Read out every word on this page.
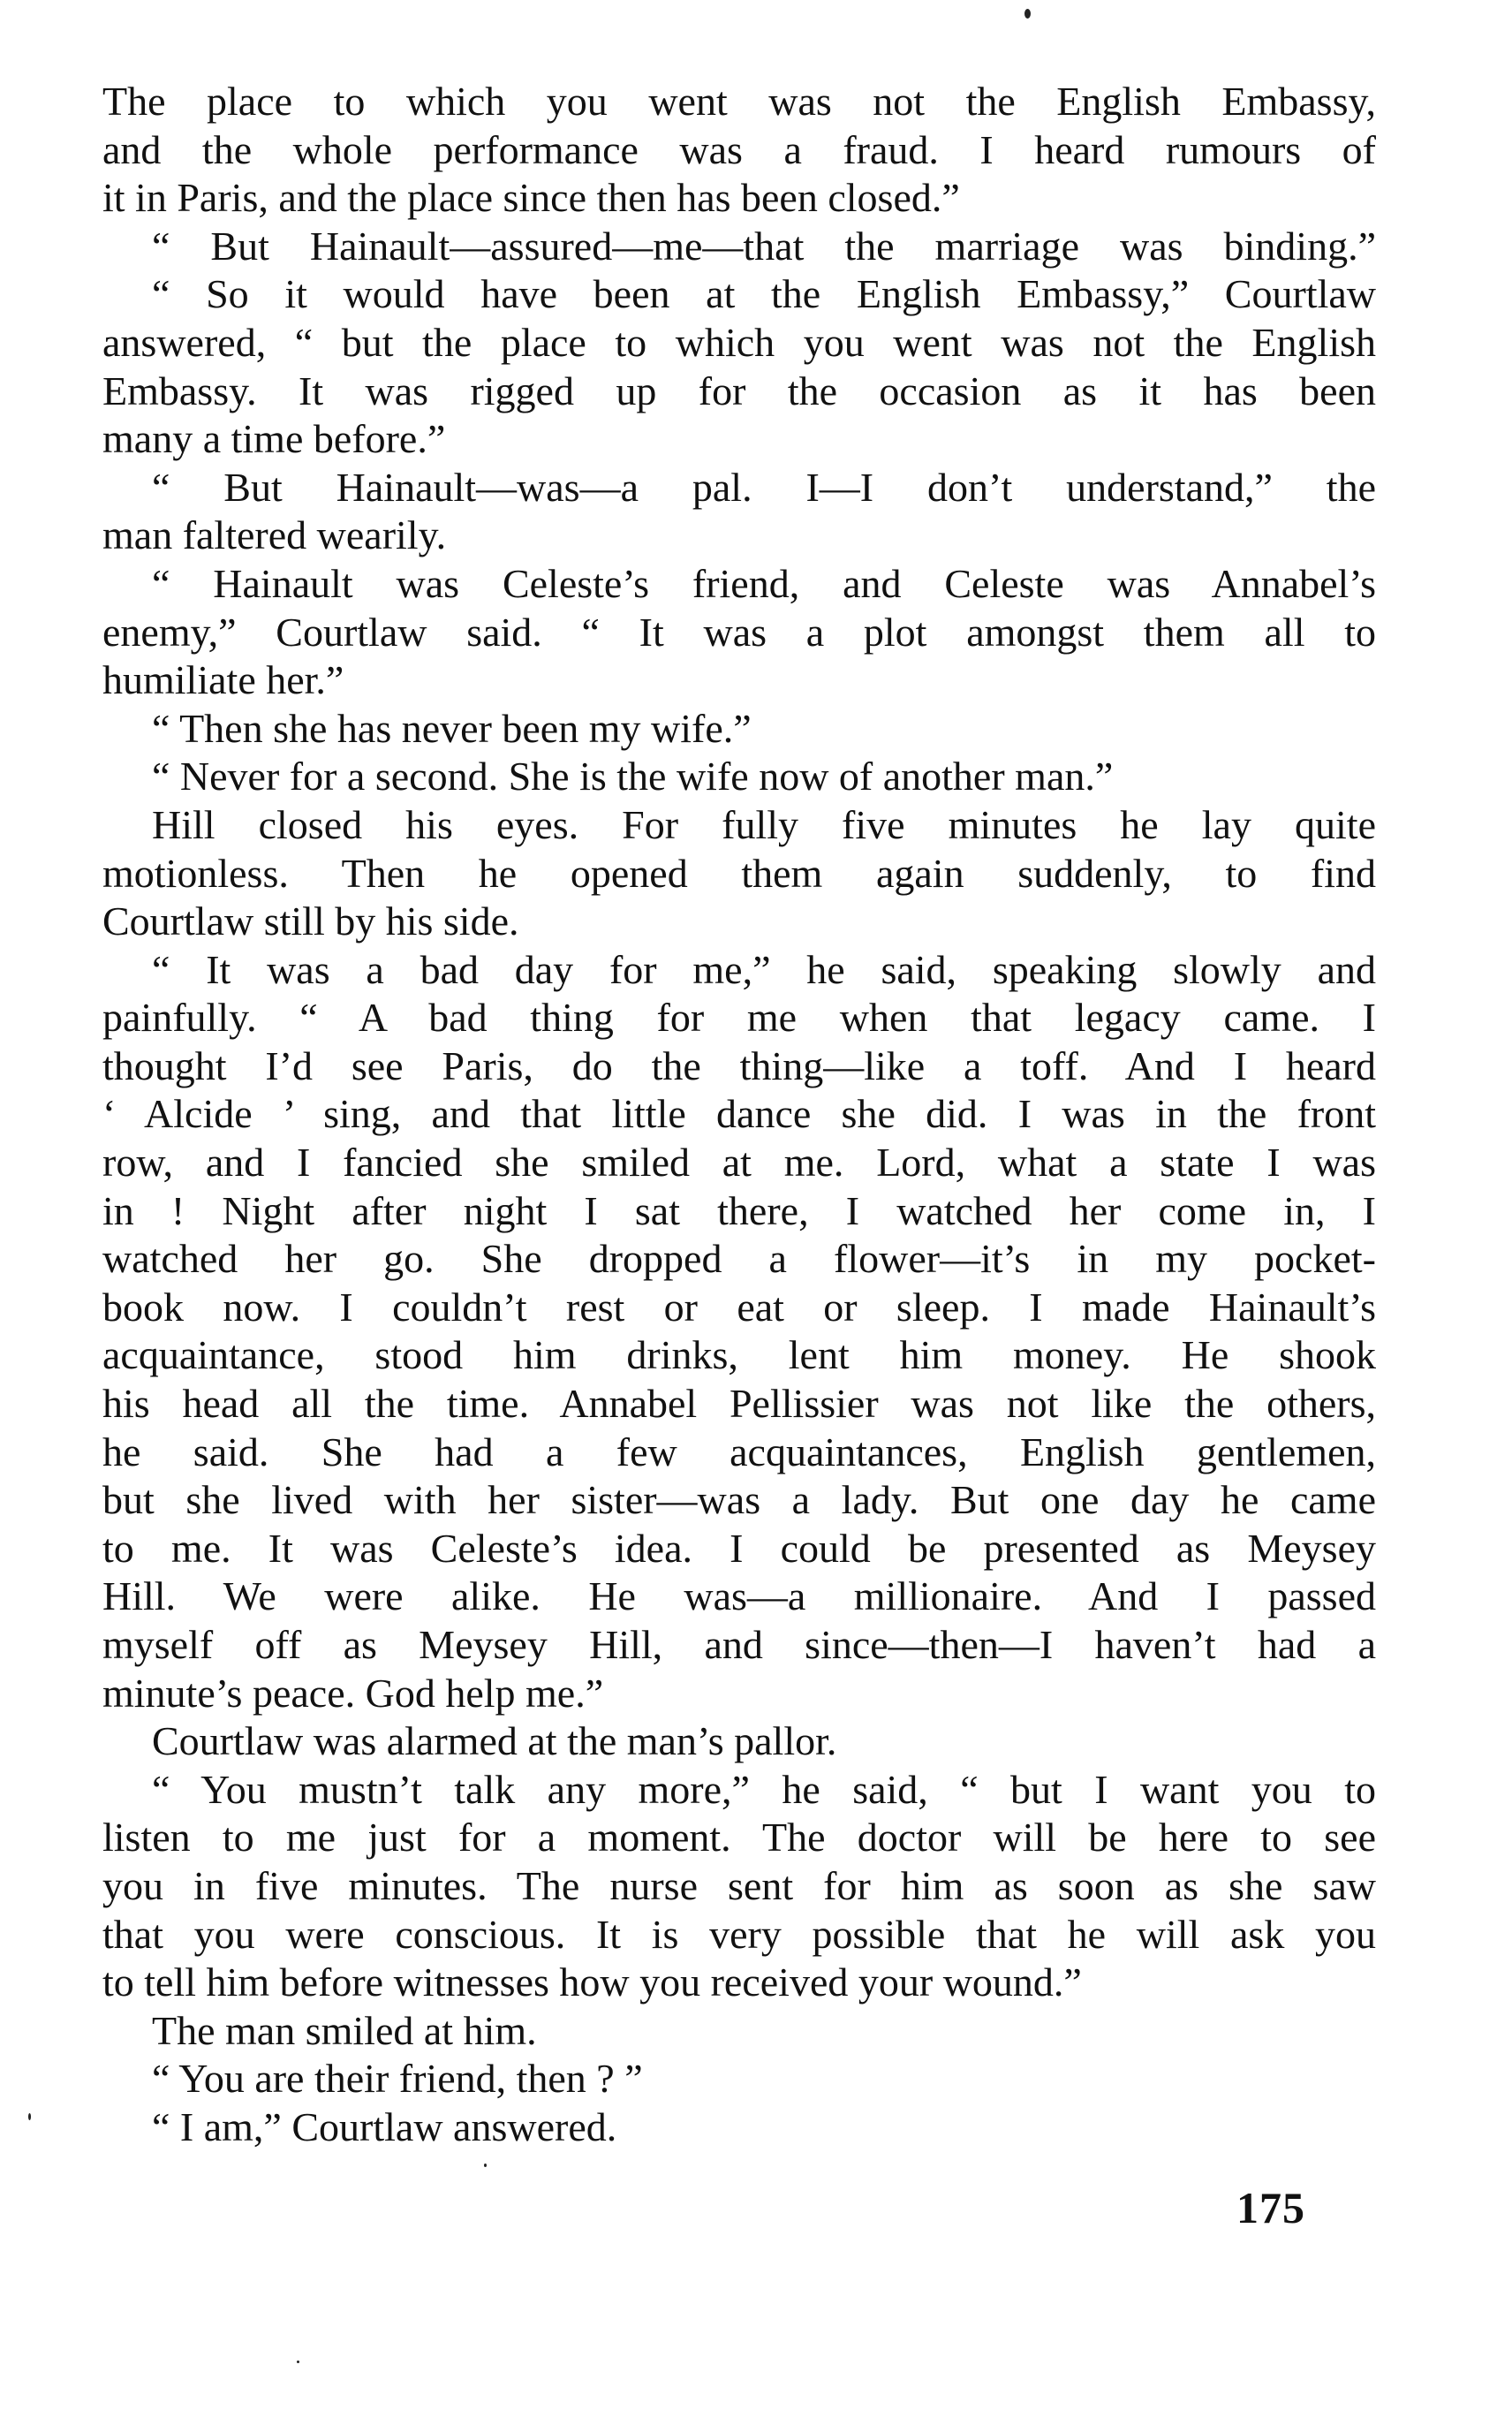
The place to which you went was not the English Embassy,
and the whole performance was a fraud. I heard rumours of
it in Paris, and the place since then has been closed.”
“ But Hainault—assured—me—that the marriage was binding.”
“ So it would have been at the English Embassy,” Courtlaw
answered, “ but the place to which you went was not the English
Embassy. It was rigged up for the occasion as it has been
many a time before.”
“ But Hainault—was—a pal. I—I don’t understand,” the
man faltered wearily.
“ Hainault was Celeste’s friend, and Celeste was Annabel’s
enemy,” Courtlaw said. “ It was a plot amongst them all to
humiliate her.”
“ Then she has never been my wife.”
“ Never for a second. She is the wife now of another man.”
Hill closed his eyes. For fully five minutes he lay quite
motionless. Then he opened them again suddenly, to find
Courtlaw still by his side.
“ It was a bad day for me,” he said, speaking slowly and
painfully. “ A bad thing for me when that legacy came. I
thought I’d see Paris, do the thing—like a toff. And I heard
‘ Alcide ’ sing, and that little dance she did. I was in the front
row, and I fancied she smiled at me. Lord, what a state I was
in ! Night after night I sat there, I watched her come in, I
watched her go. She dropped a flower—it’s in my pocket-
book now. I couldn’t rest or eat or sleep. I made Hainault’s
acquaintance, stood him drinks, lent him money. He shook
his head all the time. Annabel Pellissier was not like the others,
he said. She had a few acquaintances, English gentlemen,
but she lived with her sister—was a lady. But one day he came
to me. It was Celeste’s idea. I could be presented as Meysey
Hill. We were alike. He was—a millionaire. And I passed
myself off as Meysey Hill, and since—then—I haven’t had a
minute’s peace. God help me.”
Courtlaw was alarmed at the man’s pallor.
“ You mustn’t talk any more,” he said, “ but I want you to
listen to me just for a moment. The doctor will be here to see
you in five minutes. The nurse sent for him as soon as she saw
that you were conscious. It is very possible that he will ask you
to tell him before witnesses how you received your wound.”
The man smiled at him.
“ You are their friend, then ? ”
“ I am,” Courtlaw answered.
175
